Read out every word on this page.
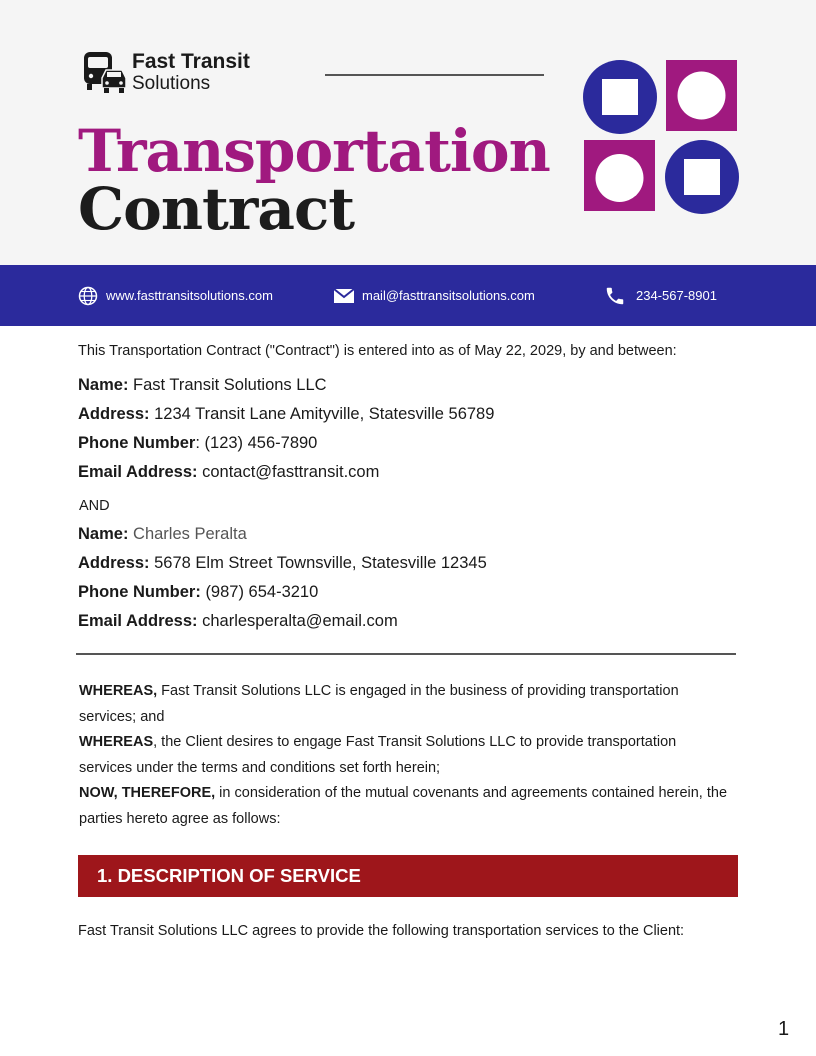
Fast Transit
Solutions
Transportation
Contract
www.fasttransitsolutions.com	mail@fasttransitsolutions.com	234-567-8901
This Transportation Contract ("Contract") is entered into as of May 22, 2029, by and between:
Name: Fast Transit Solutions LLC
Address: 1234 Transit Lane Amityville, Statesville 56789
Phone Number: (123) 456-7890
Email Address: contact@fasttransit.com
AND
Name: Charles Peralta
Address: 5678 Elm Street Townsville, Statesville 12345
Phone Number: (987) 654-3210
Email Address: charlesperalta@email.com
WHEREAS, Fast Transit Solutions LLC is engaged in the business of providing transportation services; and
WHEREAS, the Client desires to engage Fast Transit Solutions LLC to provide transportation services under the terms and conditions set forth herein;
NOW, THEREFORE, in consideration of the mutual covenants and agreements contained herein, the parties hereto agree as follows:
1. DESCRIPTION OF SERVICE
Fast Transit Solutions LLC agrees to provide the following transportation services to the Client:
1
